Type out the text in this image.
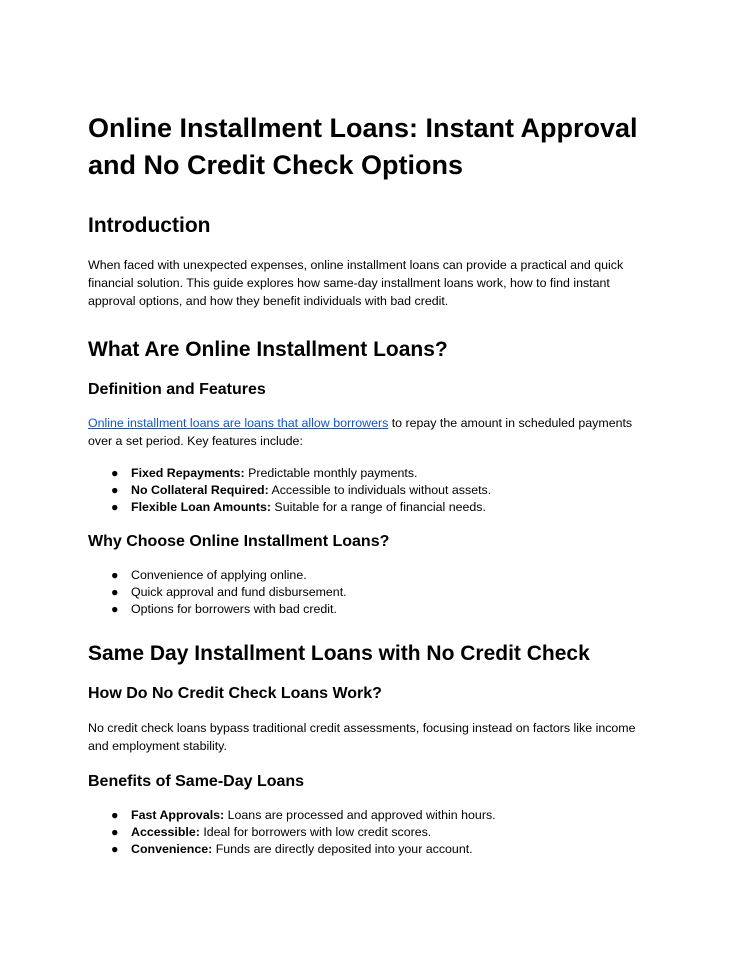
Online Installment Loans: Instant Approval and No Credit Check Options
Introduction

When faced with unexpected expenses, online installment loans can provide a practical and quick financial solution. This guide explores how same-day installment loans work, how to find instant approval options, and how they benefit individuals with bad credit.

What Are Online Installment Loans?
Definition and Features

Online installment loans are loans that allow borrowers to repay the amount in scheduled payments over a set period. Key features include:

● Fixed Repayments: Predictable monthly payments.
● No Collateral Required: Accessible to individuals without assets.
● Flexible Loan Amounts: Suitable for a range of financial needs.
Why Choose Online Installment Loans?
● Convenience of applying online.
● Quick approval and fund disbursement.
● Options for borrowers with bad credit.
Same Day Installment Loans with No Credit Check
How Do No Credit Check Loans Work?

No credit check loans bypass traditional credit assessments, focusing instead on factors like income and employment stability.

Benefits of Same-Day Loans
● Fast Approvals: Loans are processed and approved within hours.
● Accessible: Ideal for borrowers with low credit scores.
● Convenience: Funds are directly deposited into your account.
